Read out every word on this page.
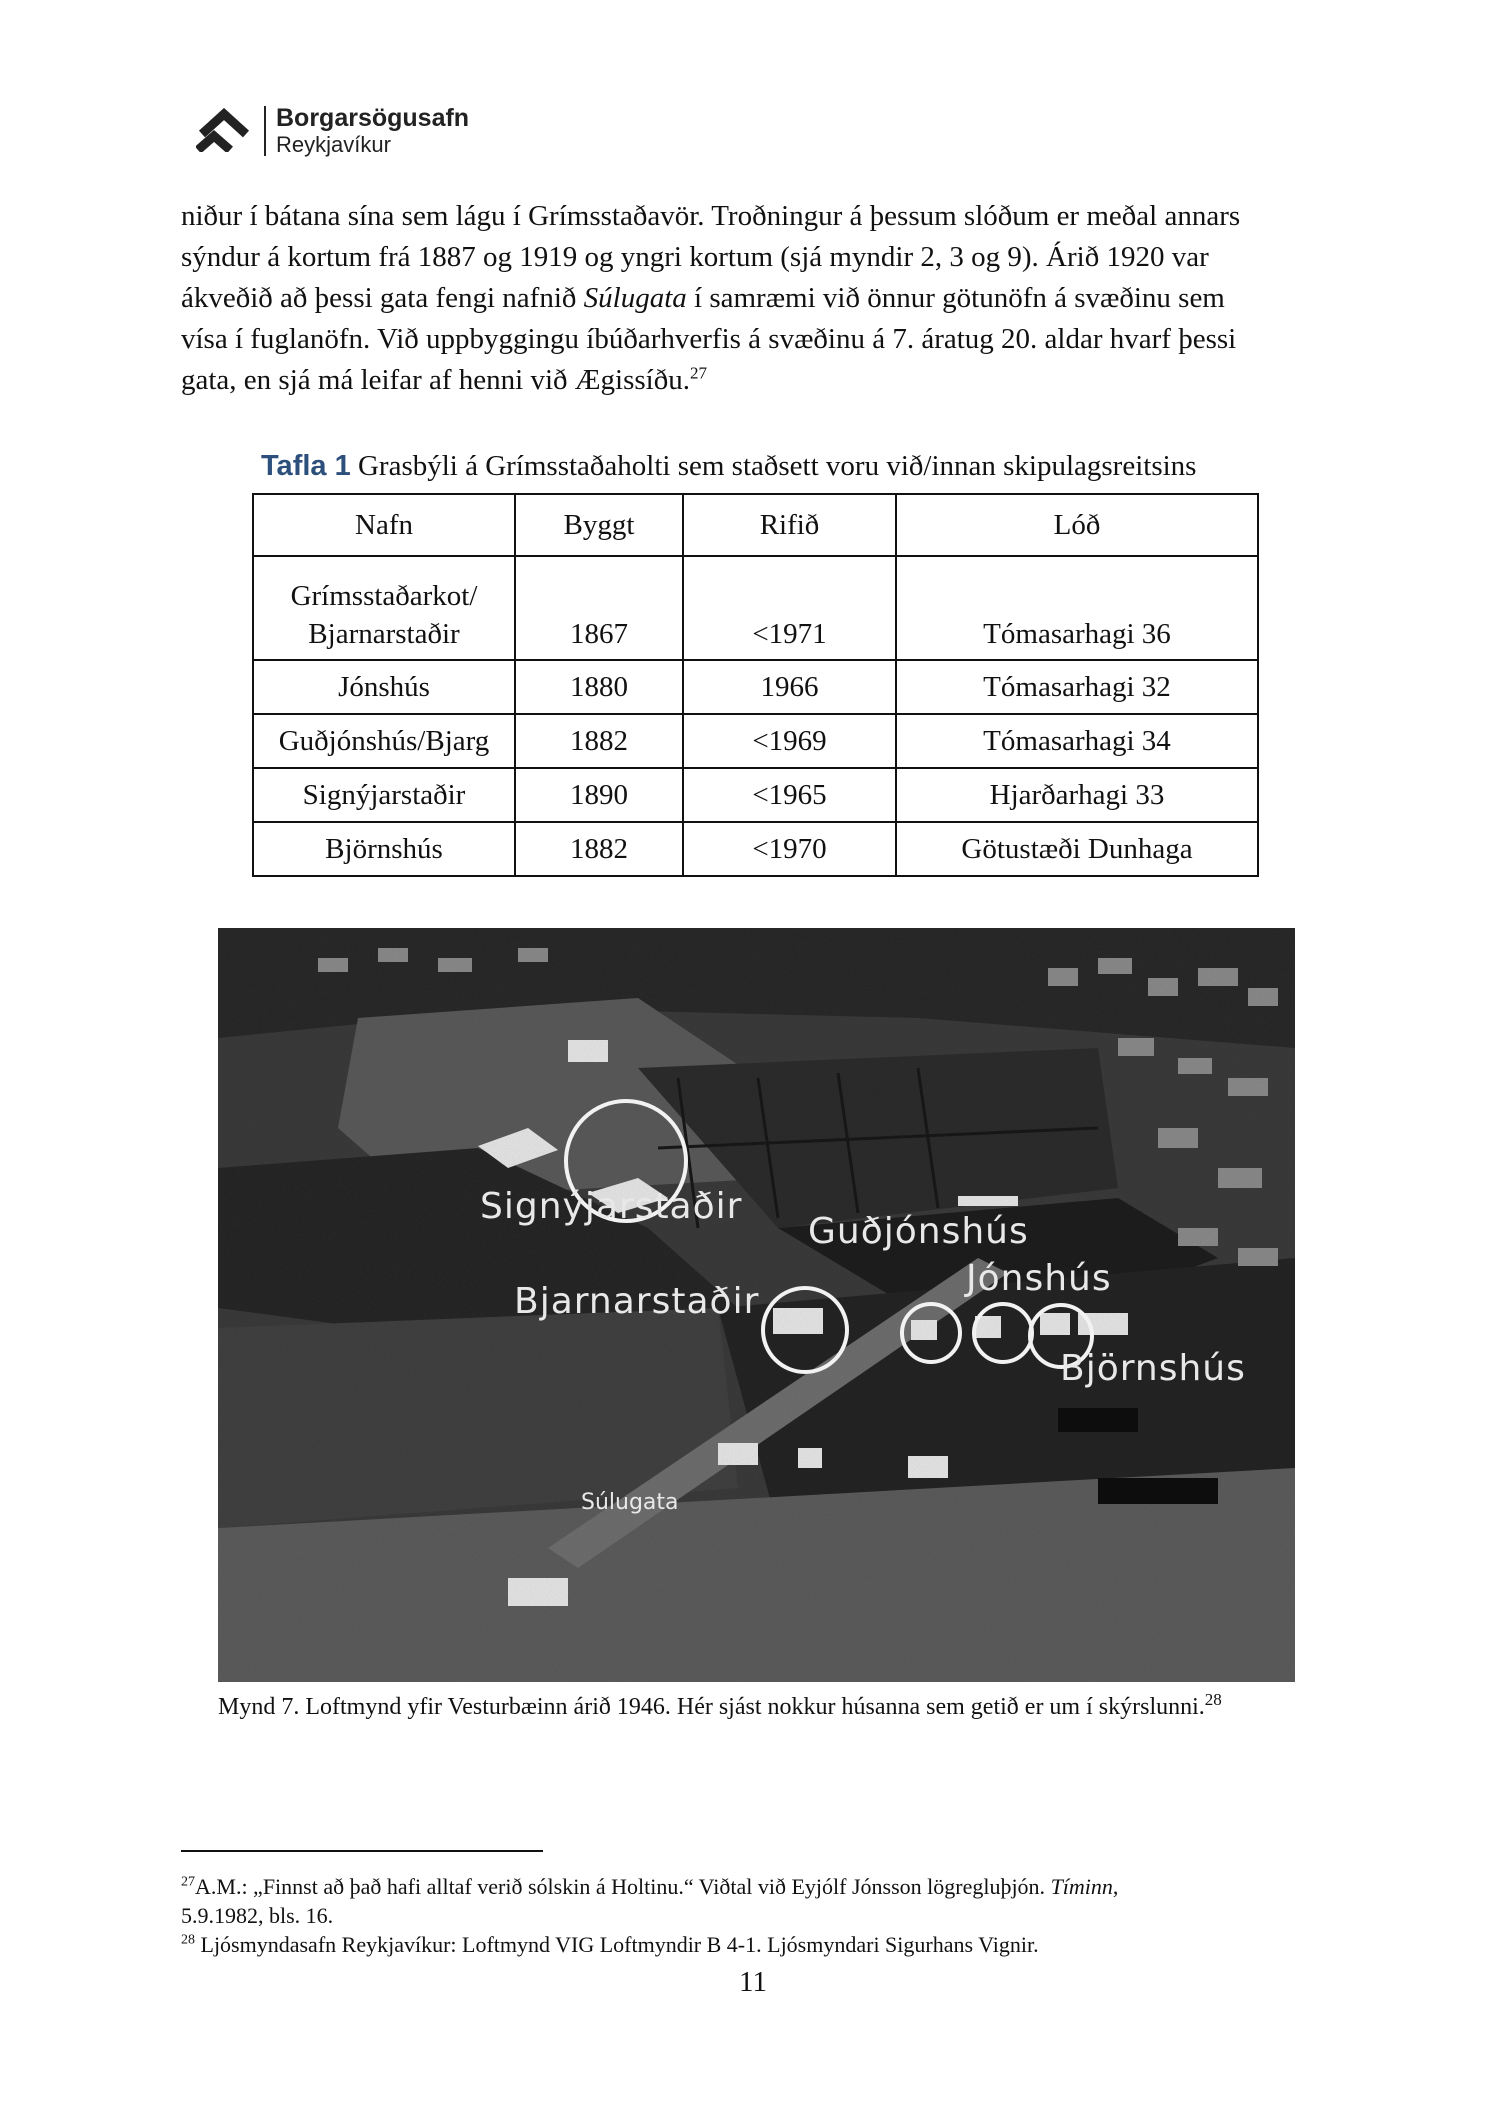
Borgarsögusafn
Reykjavíkur
niður í bátana sína sem lágu í Grímsstaðavör. Troðningur á þessum slóðum er meðal annars
sýndur á kortum frá 1887 og 1919 og yngri kortum (sjá myndir 2, 3 og 9). Árið 1920 var
ákveðið að þessi gata fengi nafnið Súlugata í samræmi við önnur götunöfn á svæðinu sem
vísa í fuglanöfn. Við uppbyggingu íbúðarhverfis á svæðinu á 7. áratug 20. aldar hvarf þessi
gata, en sjá má leifar af henni við Ægissíðu.$^{27}$
Tafla 1 Grasbýli á Grímsstaðaholti sem staðsett voru við/innan skipulagsreitsins
Nafn	Byggt	Rifið	Lóð
Grímsstaðarkot/
Bjarnarstaðir	1867	<1971	Tómasarhagi 36
Jónshús	1880	1966	Tómasarhagi 32
Guðjónshús/Bjarg	1882	<1969	Tómasarhagi 34
Signýjarstaðir	1890	<1965	Hjarðarhagi 33
Björnshús	1882	<1970	Götustæði Dunhaga
Signýjarstaðir
Guðjónshús
Jónshús
Bjarnarstaðir
Björnshús
Súlugata
Mynd 7. Loftmynd yfir Vesturbæinn árið 1946. Hér sjást nokkur húsanna sem getið er um í skýrslunni.$^{28}$
$^{27}$A.M.: „Finnst að það hafi alltaf verið sólskin á Holtinu.“ Viðtal við Eyjólf Jónsson lögregluþjón. Tíminn,
5.9.1982, bls. 16.
$^{28}$ Ljósmyndasafn Reykjavíkur: Loftmynd VIG Loftmyndir B 4-1. Ljósmyndari Sigurhans Vignir.
11
